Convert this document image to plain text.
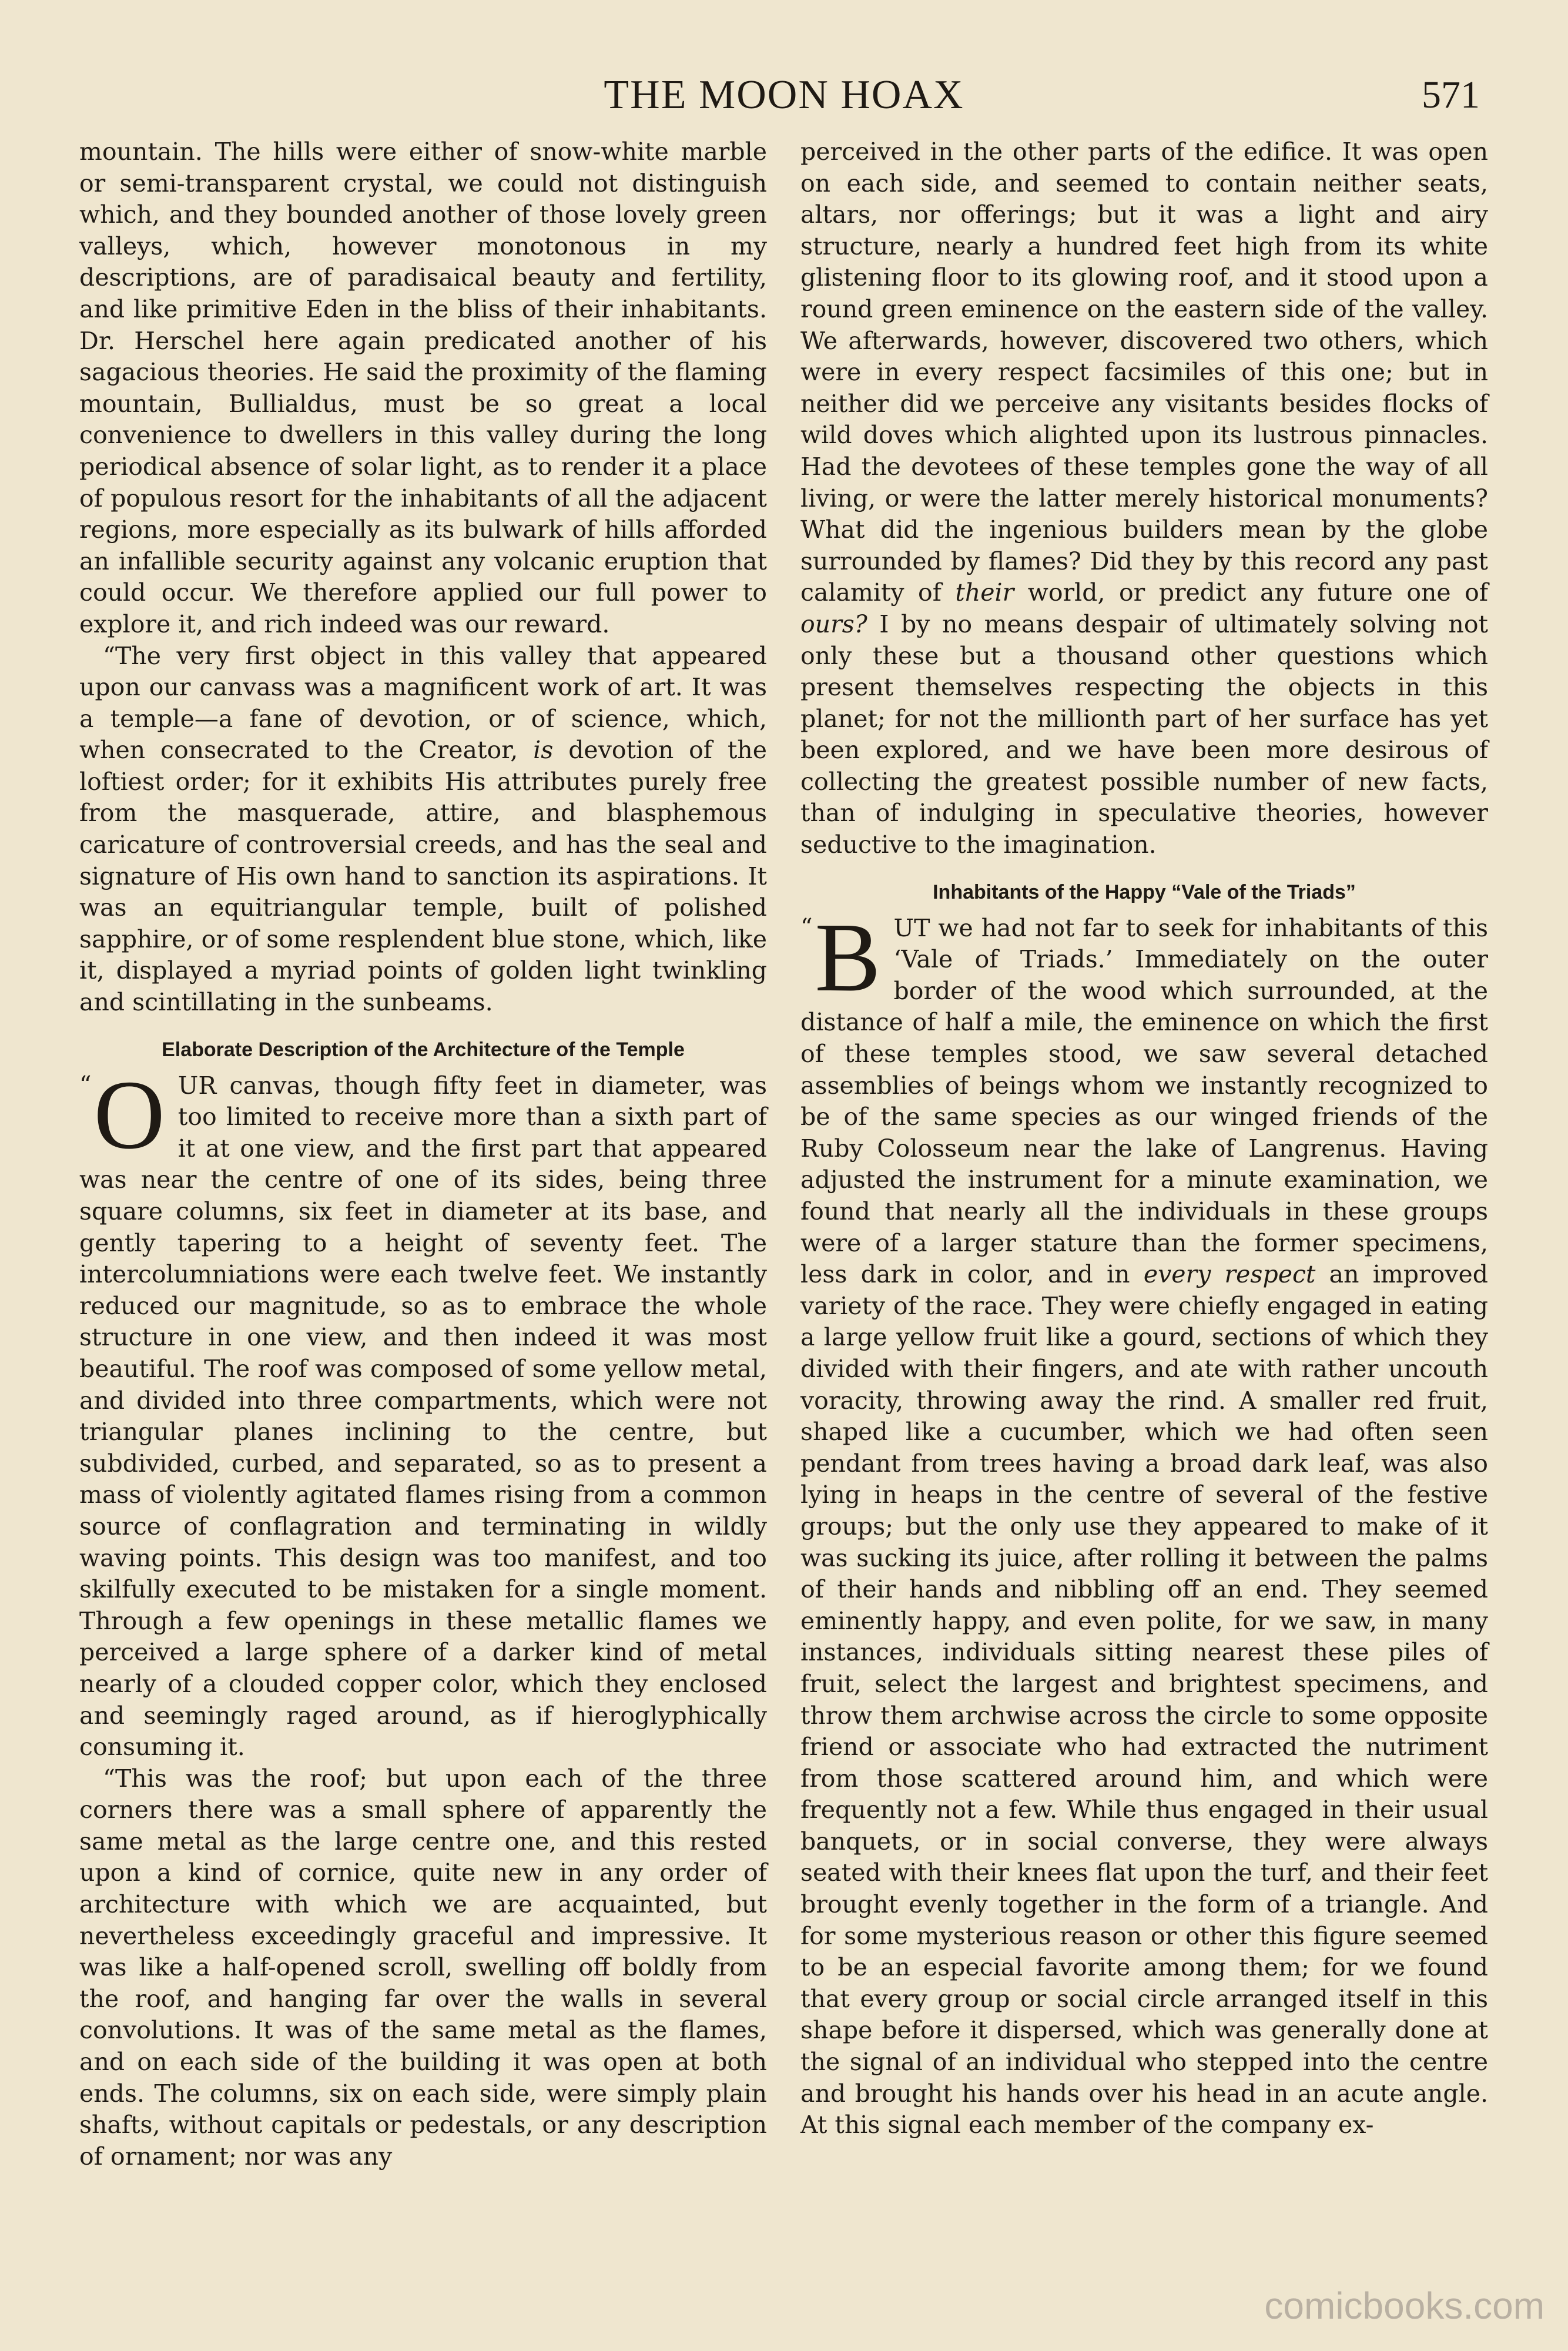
THE MOON HOAX	571

mountain. The hills were either of snow-white marble or semi-transparent crystal, we could not distinguish which, and they bounded another of those lovely green valleys, which, however monotonous in my descriptions, are of paradisaical beauty and fertility, and like primitive Eden in the bliss of their inhabitants. Dr. Herschel here again predicated another of his sagacious theories. He said the proximity of the flaming mountain, Bullialdus, must be so great a local convenience to dwellers in this valley during the long periodical absence of solar light, as to render it a place of populous resort for the inhabitants of all the adjacent regions, more especially as its bulwark of hills afforded an infallible security against any volcanic eruption that could occur. We therefore applied our full power to explore it, and rich indeed was our reward.

“The very first object in this valley that appeared upon our canvass was a magnificent work of art. It was a temple—a fane of devotion, or of science, which, when consecrated to the Creator, is devotion of the loftiest order; for it exhibits His attributes purely free from the masquerade, attire, and blasphemous caricature of controversial creeds, and has the seal and signature of His own hand to sanction its aspirations. It was an equitriangular temple, built of polished sapphire, or of some resplendent blue stone, which, like it, displayed a myriad points of golden light twinkling and scintillating in the sunbeams.

Elaborate Description of the Architecture of the Temple

“ O UR canvas, though fifty feet in diameter, was too limited to receive more than a sixth part of it at one view, and the first part that appeared was near the centre of one of its sides, being three square columns, six feet in diameter at its base, and gently tapering to a height of seventy feet. The intercolumniations were each twelve feet. We instantly reduced our magnitude, so as to embrace the whole structure in one view, and then indeed it was most beautiful. The roof was composed of some yellow metal, and divided into three compartments, which were not triangular planes inclining to the centre, but subdivided, curbed, and separated, so as to present a mass of violently agitated flames rising from a common source of conflagration and terminating in wildly waving points. This design was too manifest, and too skilfully executed to be mistaken for a single moment. Through a few openings in these metallic flames we perceived a large sphere of a darker kind of metal nearly of a clouded copper color, which they enclosed and seemingly raged around, as if hieroglyphically consuming it.

“This was the roof; but upon each of the three corners there was a small sphere of apparently the same metal as the large centre one, and this rested upon a kind of cornice, quite new in any order of architecture with which we are acquainted, but nevertheless exceedingly graceful and impressive. It was like a half-opened scroll, swelling off boldly from the roof, and hanging far over the walls in several convolutions. It was of the same metal as the flames, and on each side of the building it was open at both ends. The columns, six on each side, were simply plain shafts, without capitals or pedestals, or any description of ornament; nor was any

perceived in the other parts of the edifice. It was open on each side, and seemed to contain neither seats, altars, nor offerings; but it was a light and airy structure, nearly a hundred feet high from its white glistening floor to its glowing roof, and it stood upon a round green eminence on the eastern side of the valley. We afterwards, however, discovered two others, which were in every respect facsimiles of this one; but in neither did we perceive any visitants besides flocks of wild doves which alighted upon its lustrous pinnacles. Had the devotees of these temples gone the way of all living, or were the latter merely historical monuments? What did the ingenious builders mean by the globe surrounded by flames? Did they by this record any past calamity of their world, or predict any future one of ours? I by no means despair of ultimately solving not only these but a thousand other questions which present themselves respecting the objects in this planet; for not the millionth part of her surface has yet been explored, and we have been more desirous of collecting the greatest possible number of new facts, than of indulging in speculative theories, however seductive to the imagination.

Inhabitants of the Happy “Vale of the Triads”

“ B UT we had not far to seek for inhabitants of this ‘Vale of Triads.’ Immediately on the outer border of the wood which surrounded, at the distance of half a mile, the eminence on which the first of these temples stood, we saw several detached assemblies of beings whom we instantly recognized to be of the same species as our winged friends of the Ruby Colosseum near the lake of Langrenus. Having adjusted the instrument for a minute examination, we found that nearly all the individuals in these groups were of a larger stature than the former specimens, less dark in color, and in every respect an improved variety of the race. They were chiefly engaged in eating a large yellow fruit like a gourd, sections of which they divided with their fingers, and ate with rather uncouth voracity, throwing away the rind. A smaller red fruit, shaped like a cucumber, which we had often seen pendant from trees having a broad dark leaf, was also lying in heaps in the centre of several of the festive groups; but the only use they appeared to make of it was sucking its juice, after rolling it between the palms of their hands and nibbling off an end. They seemed eminently happy, and even polite, for we saw, in many instances, individuals sitting nearest these piles of fruit, select the largest and brightest specimens, and throw them archwise across the circle to some opposite friend or associate who had extracted the nutriment from those scattered around him, and which were frequently not a few. While thus engaged in their usual banquets, or in social converse, they were always seated with their knees flat upon the turf, and their feet brought evenly together in the form of a triangle. And for some mysterious reason or other this figure seemed to be an especial favorite among them; for we found that every group or social circle arranged itself in this shape before it dispersed, which was generally done at the signal of an individual who stepped into the centre and brought his hands over his head in an acute angle. At this signal each member of the company ex-

comicbooks.com
